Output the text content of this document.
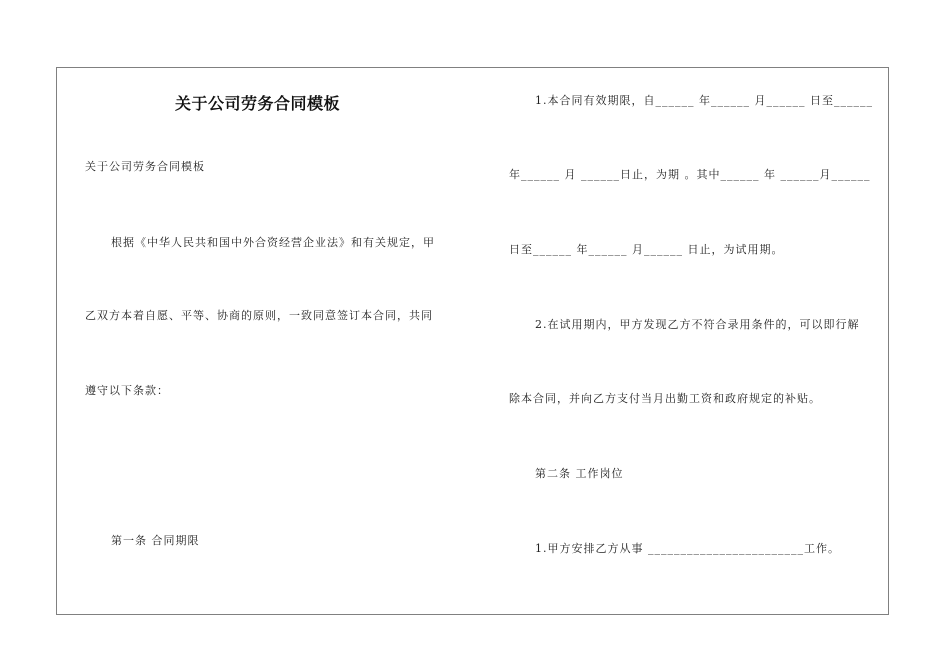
关于公司劳务合同模板
关于公司劳务合同模板
根据《中华人民共和国中外合资经营企业法》和有关规定，甲
乙双方本着自愿、平等、协商的原则，一致同意签订本合同，共同
遵守以下条款：
第一条 合同期限
1.本合同有效期限，自______ 年______ 月______ 日至______
年______ 月 ______日止，为期 。其中______ 年 ______月______
日至______ 年______ 月______ 日止，为试用期。
2.在试用期内，甲方发现乙方不符合录用条件的，可以即行解
除本合同，并向乙方支付当月出勤工资和政府规定的补贴。
第二条 工作岗位
1.甲方安排乙方从事 ________________________工作。
